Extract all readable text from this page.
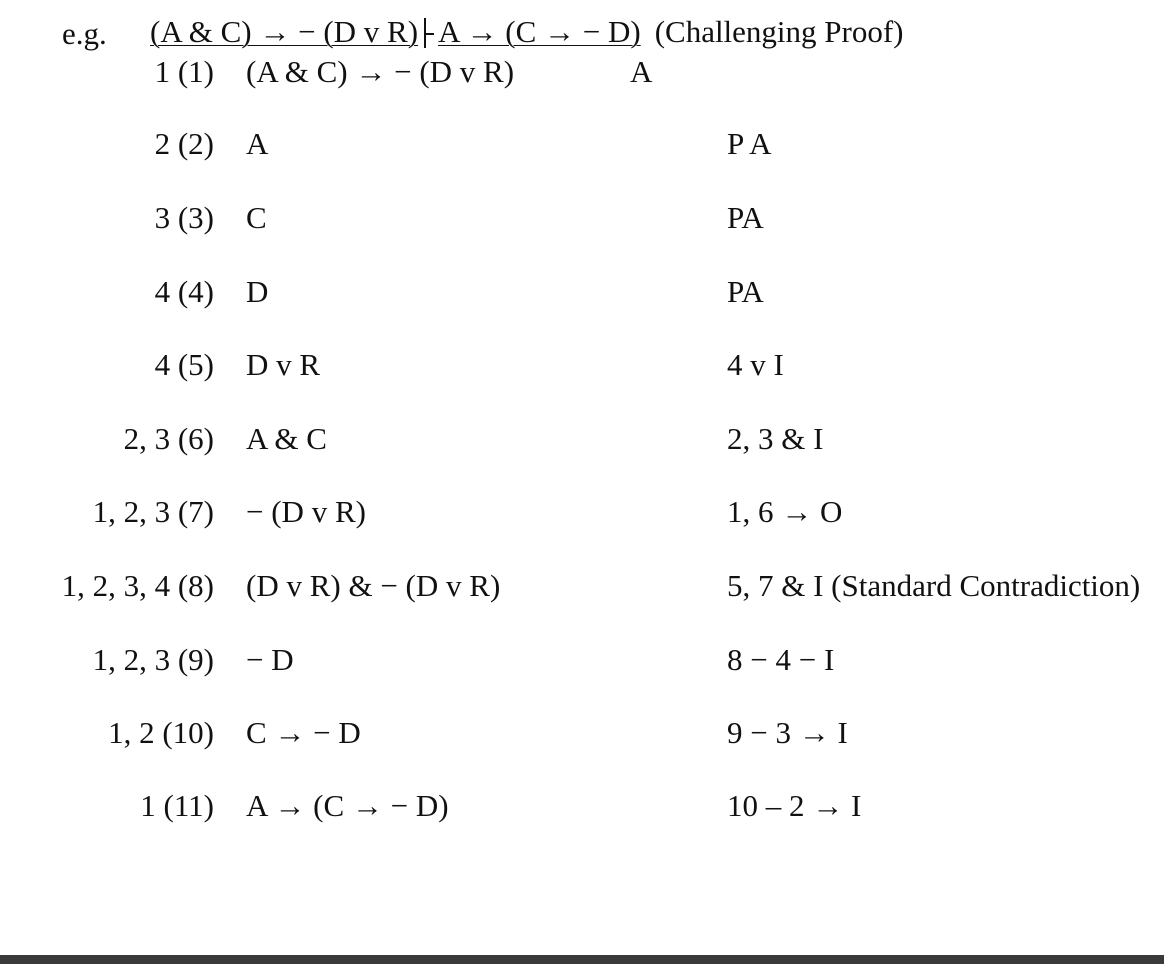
e.g. (A & C) → − (D v R) A → (C → − D) (Challenging Proof)
1 (1) (A & C) → − (D v R)	A
2 (2) A	P A
3 (3) C	PA
4 (4) D	PA
4 (5) D v R	4 v I
2, 3 (6) A & C	2, 3 & I
1, 2, 3 (7) − (D v R)	1, 6 → O
1, 2, 3, 4 (8) (D v R) & − (D v R)	5, 7 & I (Standard Contradiction)
1, 2, 3 (9) − D	8 − 4 − I
1, 2 (10) C → − D	9 − 3 → I
1 (11) A → (C → − D)	10 – 2 → I
